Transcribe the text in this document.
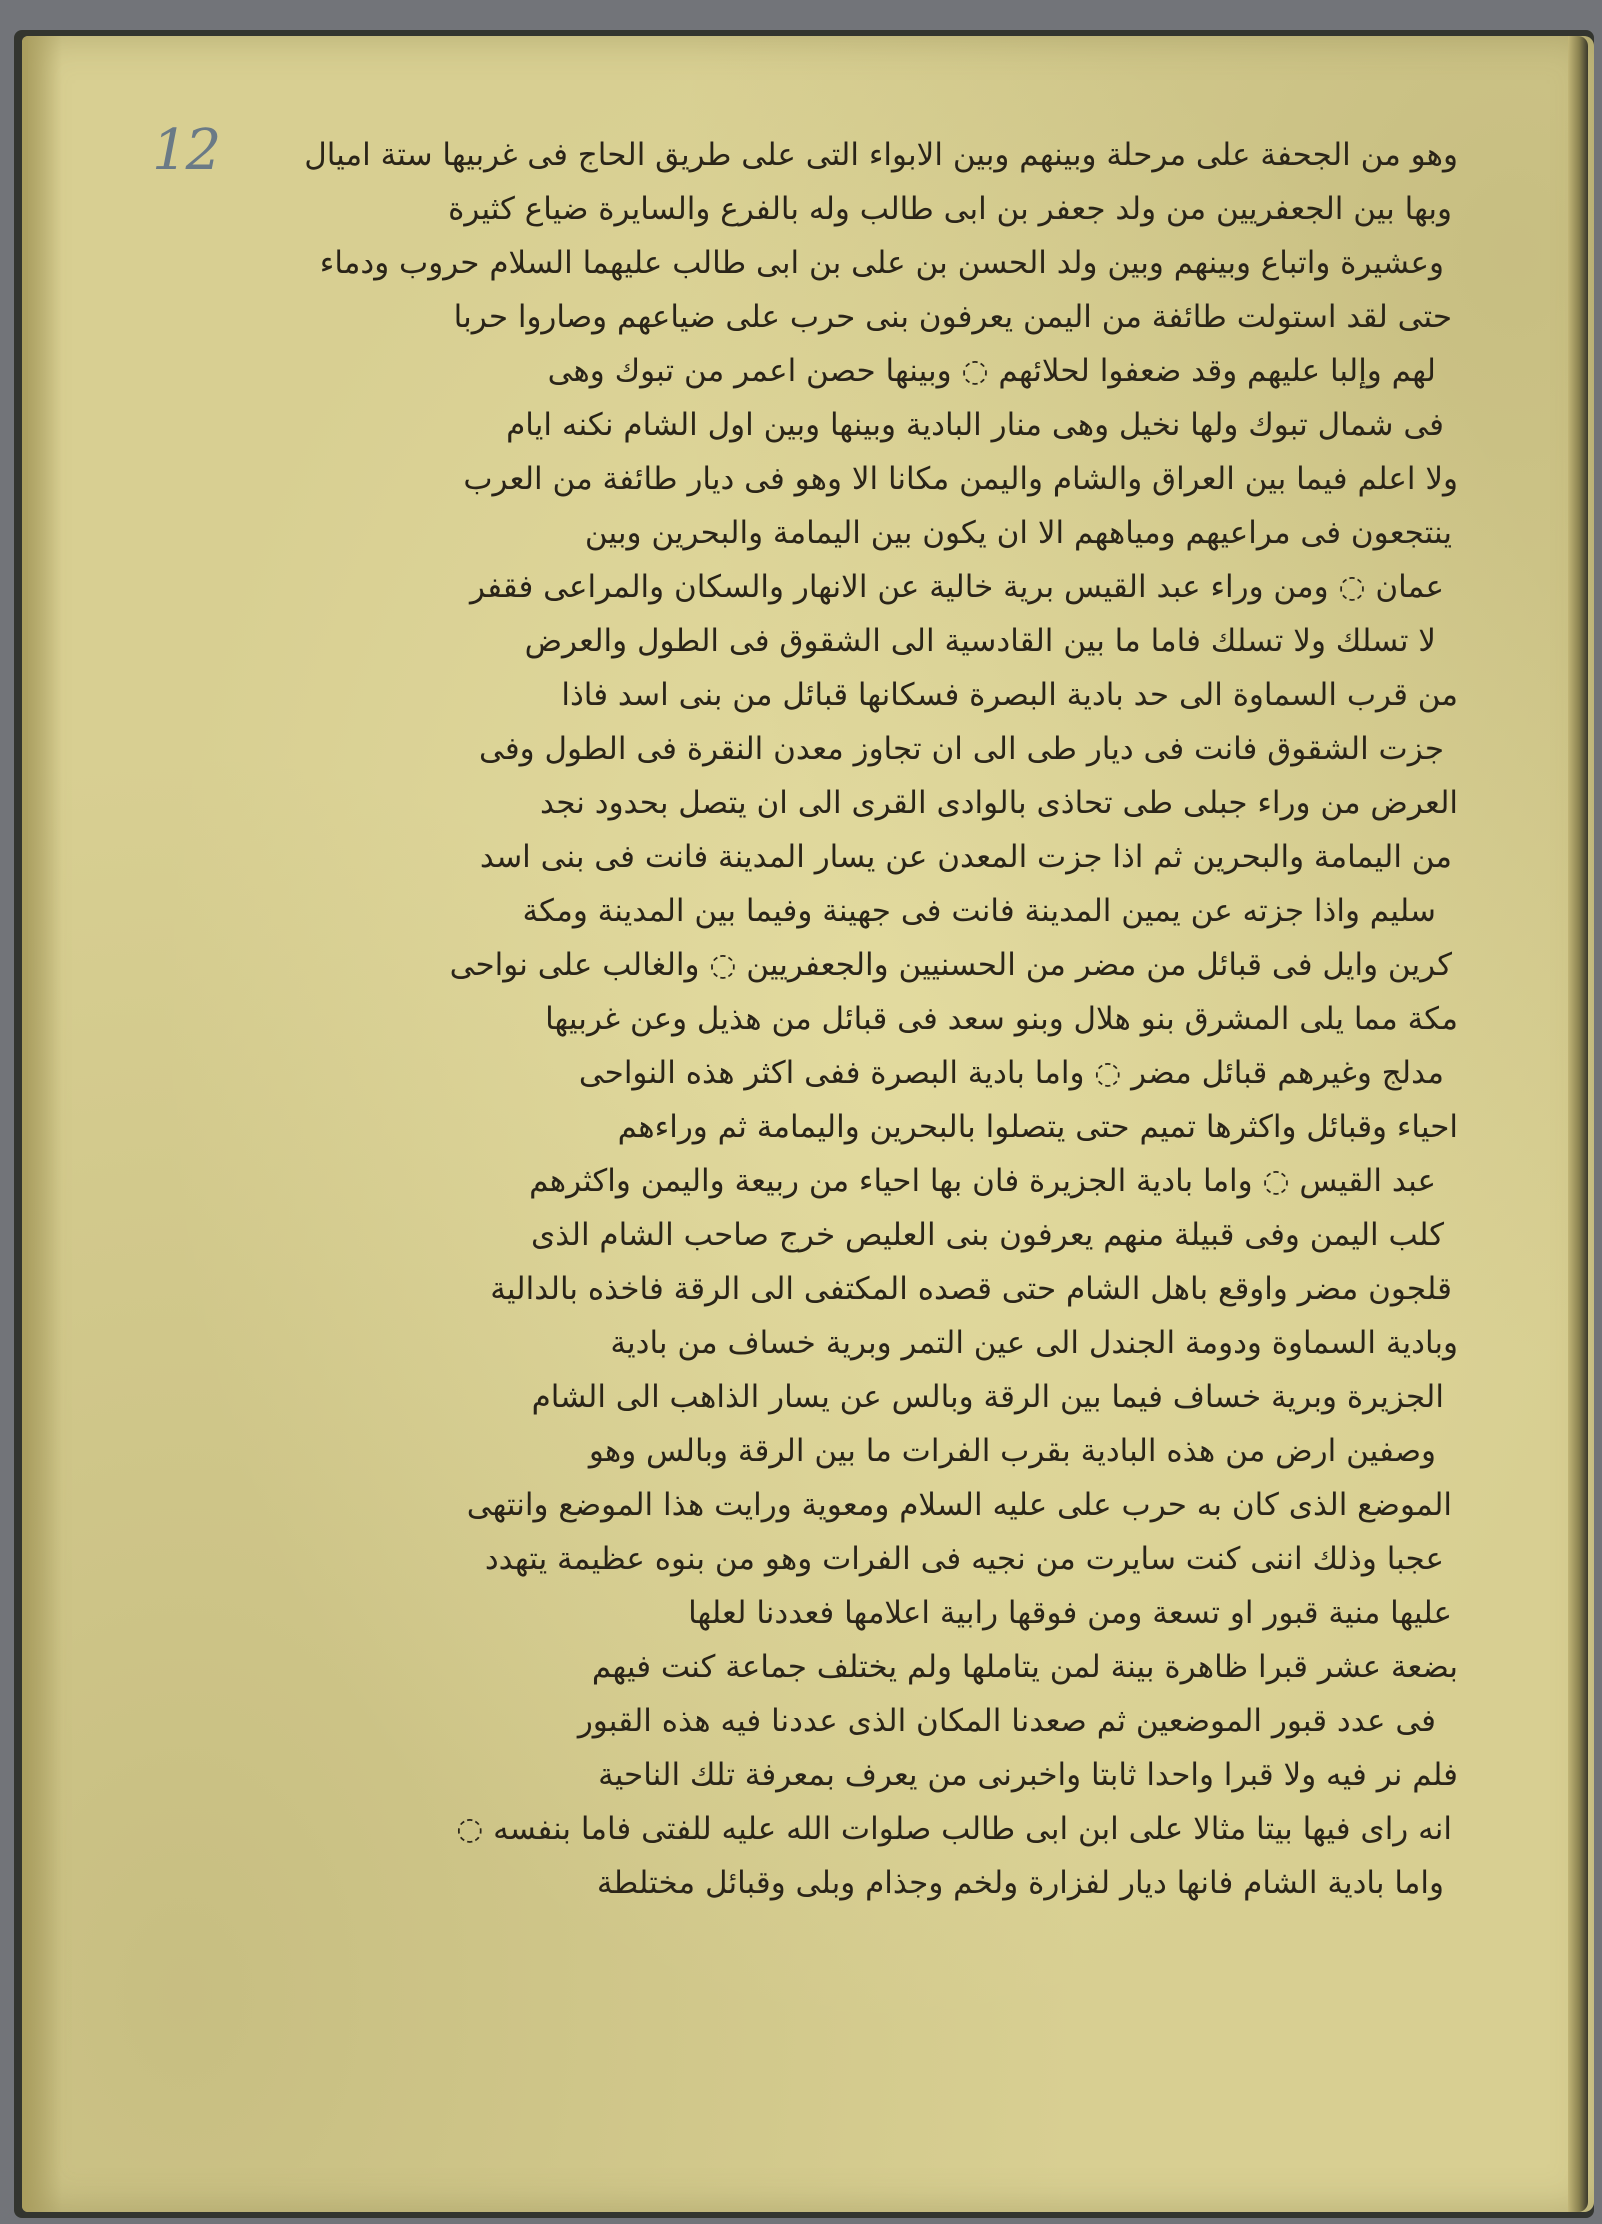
12	وهو من الجحفة على مرحلة وبينهم وبين الابواء التى على طريق الحاج فى غربيها ستة اميال
وبها بين الجعفريين من ولد جعفر بن ابى طالب وله بالفرع والسايرة ضياع كثيرة
وعشيرة واتباع وبينهم وبين ولد الحسن بن على بن ابى طالب عليهما السلام حروب ودماء
حتى لقد استولت طائفة من اليمن يعرفون بنى حرب على ضياعهم وصاروا حربا
لهم وإلبا عليهم وقد ضعفوا لحلائهم ◌ وبينها حصن اعمر من تبوك وهى
فى شمال تبوك ولها نخيل وهى منار البادية وبينها وبين اول الشام نكنه ايام
ولا اعلم فيما بين العراق والشام واليمن مكانا الا وهو فى ديار طائفة من العرب
ينتجعون فى مراعيهم ومياههم الا ان يكون بين اليمامة والبحرين وبين
عمان ◌ ومن وراء عبد القيس برية خالية عن الانهار والسكان والمراعى فقفر
لا تسلك ولا تسلك فاما ما بين القادسية الى الشقوق فى الطول والعرض
من قرب السماوة الى حد بادية البصرة فسكانها قبائل من بنى اسد فاذا
جزت الشقوق فانت فى ديار طى الى ان تجاوز معدن النقرة فى الطول وفى
العرض من وراء جبلى طى تحاذى بالوادى القرى الى ان يتصل بحدود نجد
من اليمامة والبحرين ثم اذا جزت المعدن عن يسار المدينة فانت فى بنى اسد
سليم واذا جزته عن يمين المدينة فانت فى جهينة وفيما بين المدينة ومكة
كرين وايل فى قبائل من مضر من الحسنيين والجعفريين ◌ والغالب على نواحى
مكة مما يلى المشرق بنو هلال وبنو سعد فى قبائل من هذيل وعن غربيها
مدلج وغيرهم قبائل مضر ◌ واما بادية البصرة ففى اكثر هذه النواحى
احياء وقبائل واكثرها تميم حتى يتصلوا بالبحرين واليمامة ثم وراءهم
عبد القيس ◌ واما بادية الجزيرة فان بها احياء من ربيعة واليمن واكثرهم
كلب اليمن وفى قبيلة منهم يعرفون بنى العليص خرج صاحب الشام الذى
قلجون مضر واوقع باهل الشام حتى قصده المكتفى الى الرقة فاخذه بالدالية
وبادية السماوة ودومة الجندل الى عين التمر وبرية خساف من بادية
الجزيرة وبرية خساف فيما بين الرقة وبالس عن يسار الذاهب الى الشام
وصفين ارض من هذه البادية بقرب الفرات ما بين الرقة وبالس وهو
الموضع الذى كان به حرب على عليه السلام ومعوية ورايت هذا الموضع وانتهى
عجبا وذلك اننى كنت سايرت من نجيه فى الفرات وهو من بنوه عظيمة يتهدد
عليها منية قبور او تسعة ومن فوقها رابية اعلامها فعددنا لعلها
بضعة عشر قبرا ظاهرة بينة لمن يتاملها ولم يختلف جماعة كنت فيهم
فى عدد قبور الموضعين ثم صعدنا المكان الذى عددنا فيه هذه القبور
فلم نر فيه ولا قبرا واحدا ثابتا واخبرنى من يعرف بمعرفة تلك الناحية
انه راى فيها بيتا مثالا على ابن ابى طالب صلوات الله عليه للفتى فاما بنفسه ◌
واما بادية الشام فانها ديار لفزارة ولخم وجذام وبلى وقبائل مختلطة
